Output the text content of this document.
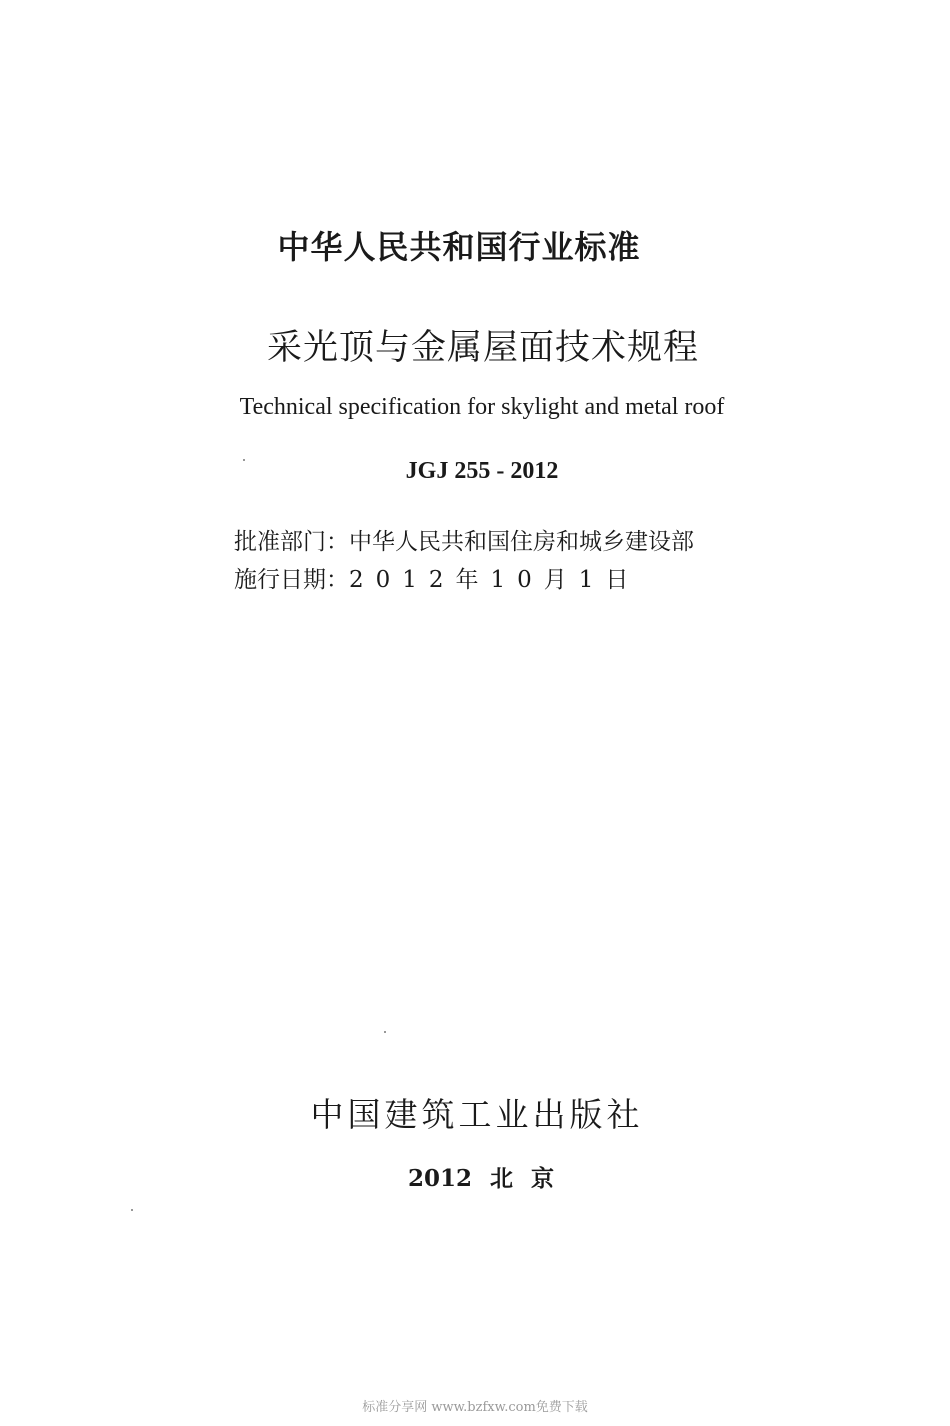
中华人民共和国行业标准
采光顶与金属屋面技术规程
Technical specification for skylight and metal roof
JGJ 255 - 2012
批准部门：中华人民共和国住房和城乡建设部
施行日期：2012年10月1日
中国建筑工业出版社
2012 北 京
标准分享网 www.bzfxw.com免费下载
